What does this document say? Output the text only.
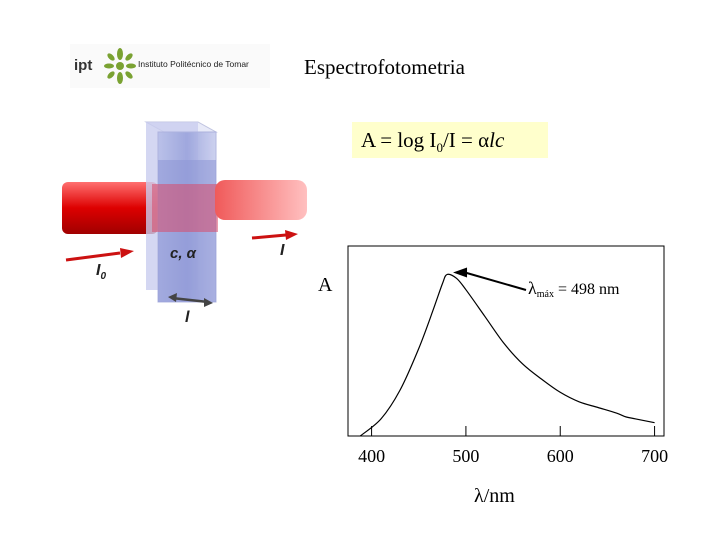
ipt	Instituto Politécnico de Tomar	Espectrofotometria
$A = \log I_0/I = \alpha lc$
c, α
$I_0$
I
l
A
λ/nm
400	500	600	700
λmáx = 498 nm
